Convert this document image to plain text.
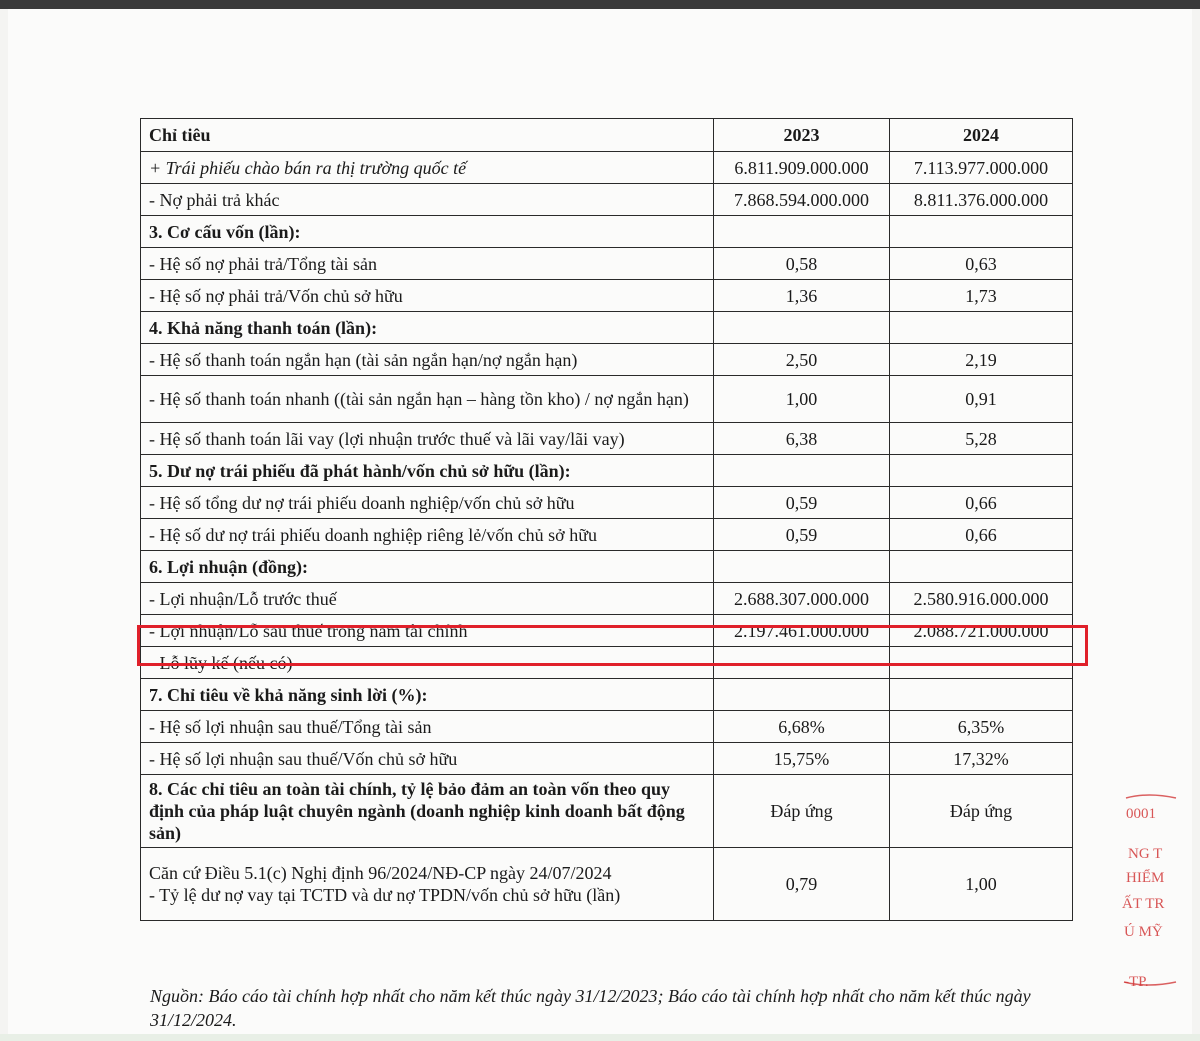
Chỉ tiêu	2023	2024
+ Trái phiếu chào bán ra thị trường quốc tế	6.811.909.000.000	7.113.977.000.000
- Nợ phải trả khác	7.868.594.000.000	8.811.376.000.000
3. Cơ cấu vốn (lần):		
- Hệ số nợ phải trả/Tổng tài sản	0,58	0,63
- Hệ số nợ phải trả/Vốn chủ sở hữu	1,36	1,73
4. Khả năng thanh toán (lần):		
- Hệ số thanh toán ngắn hạn (tài sản ngắn hạn/nợ ngắn hạn)	2,50	2,19
- Hệ số thanh toán nhanh ((tài sản ngắn hạn – hàng tồn kho) / nợ ngắn hạn)	1,00	0,91
- Hệ số thanh toán lãi vay (lợi nhuận trước thuế và lãi vay/lãi vay)	6,38	5,28
5. Dư nợ trái phiếu đã phát hành/vốn chủ sở hữu (lần):		
- Hệ số tổng dư nợ trái phiếu doanh nghiệp/vốn chủ sở hữu	0,59	0,66
- Hệ số dư nợ trái phiếu doanh nghiệp riêng lẻ/vốn chủ sở hữu	0,59	0,66
6. Lợi nhuận (đồng):		
- Lợi nhuận/Lỗ trước thuế	2.688.307.000.000	2.580.916.000.000
- Lợi nhuận/Lỗ sau thuế trong năm tài chính	2.197.461.000.000	2.088.721.000.000
- Lỗ lũy kế (nếu có)	-	-
7. Chỉ tiêu về khả năng sinh lời (%):		
- Hệ số lợi nhuận sau thuế/Tổng tài sản	6,68%	6,35%
- Hệ số lợi nhuận sau thuế/Vốn chủ sở hữu	15,75%	17,32%
8. Các chỉ tiêu an toàn tài chính, tỷ lệ bảo đảm an toàn vốn theo quy định của pháp luật chuyên ngành (doanh nghiệp kinh doanh bất động sản)	Đáp ứng	Đáp ứng

Căn cứ Điều 5.1(c) Nghị định 96/2024/NĐ-CP ngày 24/07/2024
- Tỷ lệ dư nợ vay tại TCTD và dư nợ TPDN/vốn chủ sở hữu (lần)	0,79	1,00
Nguồn: Báo cáo tài chính hợp nhất cho năm kết thúc ngày 31/12/2023; Báo cáo tài chính hợp nhất cho năm kết thúc ngày 31/12/2024.
0001
NG T
HIỂM
ẤT TR
Ú MỸ
-TP.
